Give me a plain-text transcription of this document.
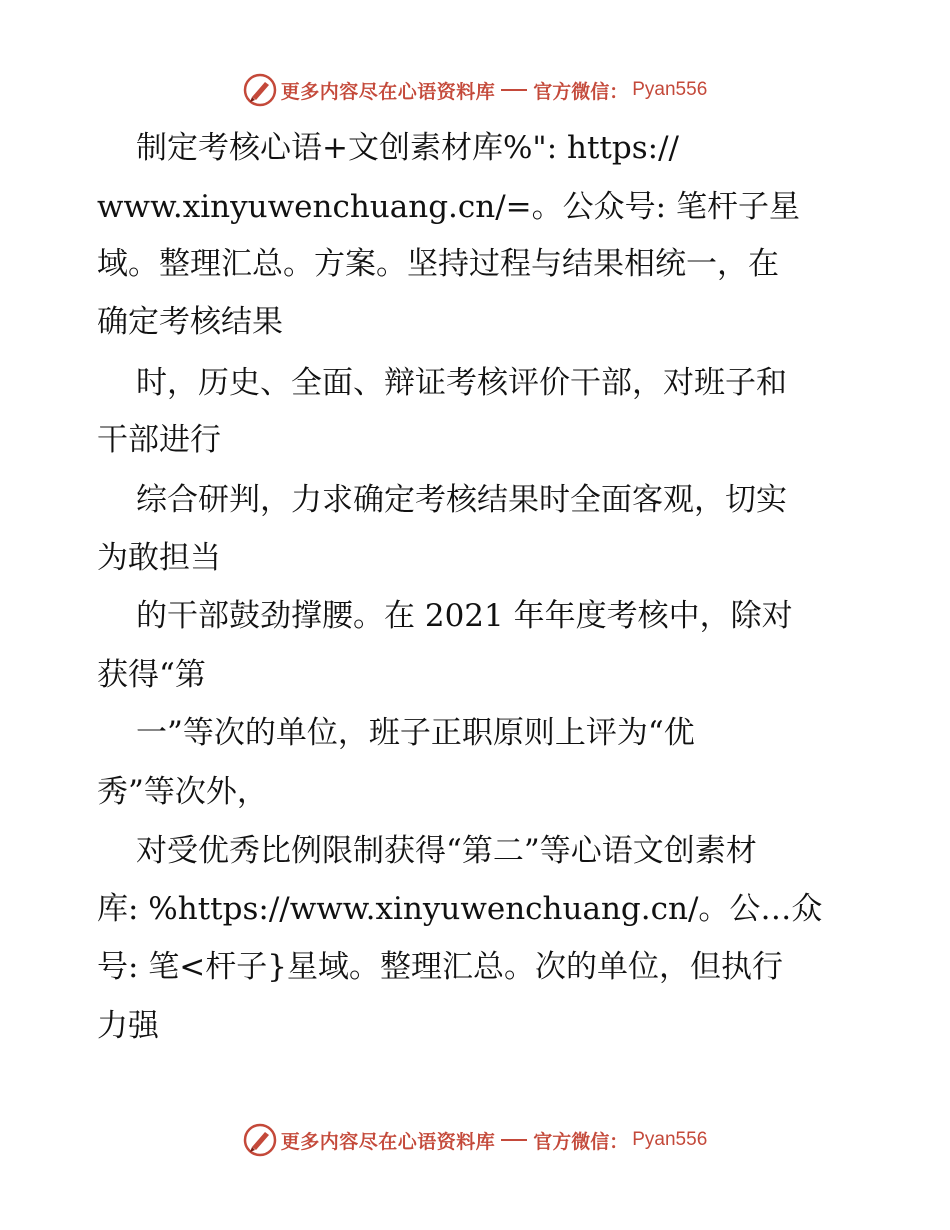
更多内容尽在心语资料库 官方微信： Pyan556
制定考核心语+文创素材库%": https://
www.xinyuwenchuang.cn/=。公众号: 笔杆子星
域。整理汇总。方案。坚持过程与结果相统一，在
确定考核结果
时，历史、全面、辩证考核评价干部，对班子和
干部进行
综合研判，力求确定考核结果时全面客观，切实
为敢担当
的干部鼓劲撑腰。在 2021 年年度考核中，除对
获得“第
一”等次的单位，班子正职原则上评为“优
秀”等次外，
对受优秀比例限制获得“第二”等心语文创素材
库: %https://www.xinyuwenchuang.cn/。公…众
号: 笔<杆子}星域。整理汇总。次的单位，但执行
力强
更多内容尽在心语资料库 官方微信： Pyan556
